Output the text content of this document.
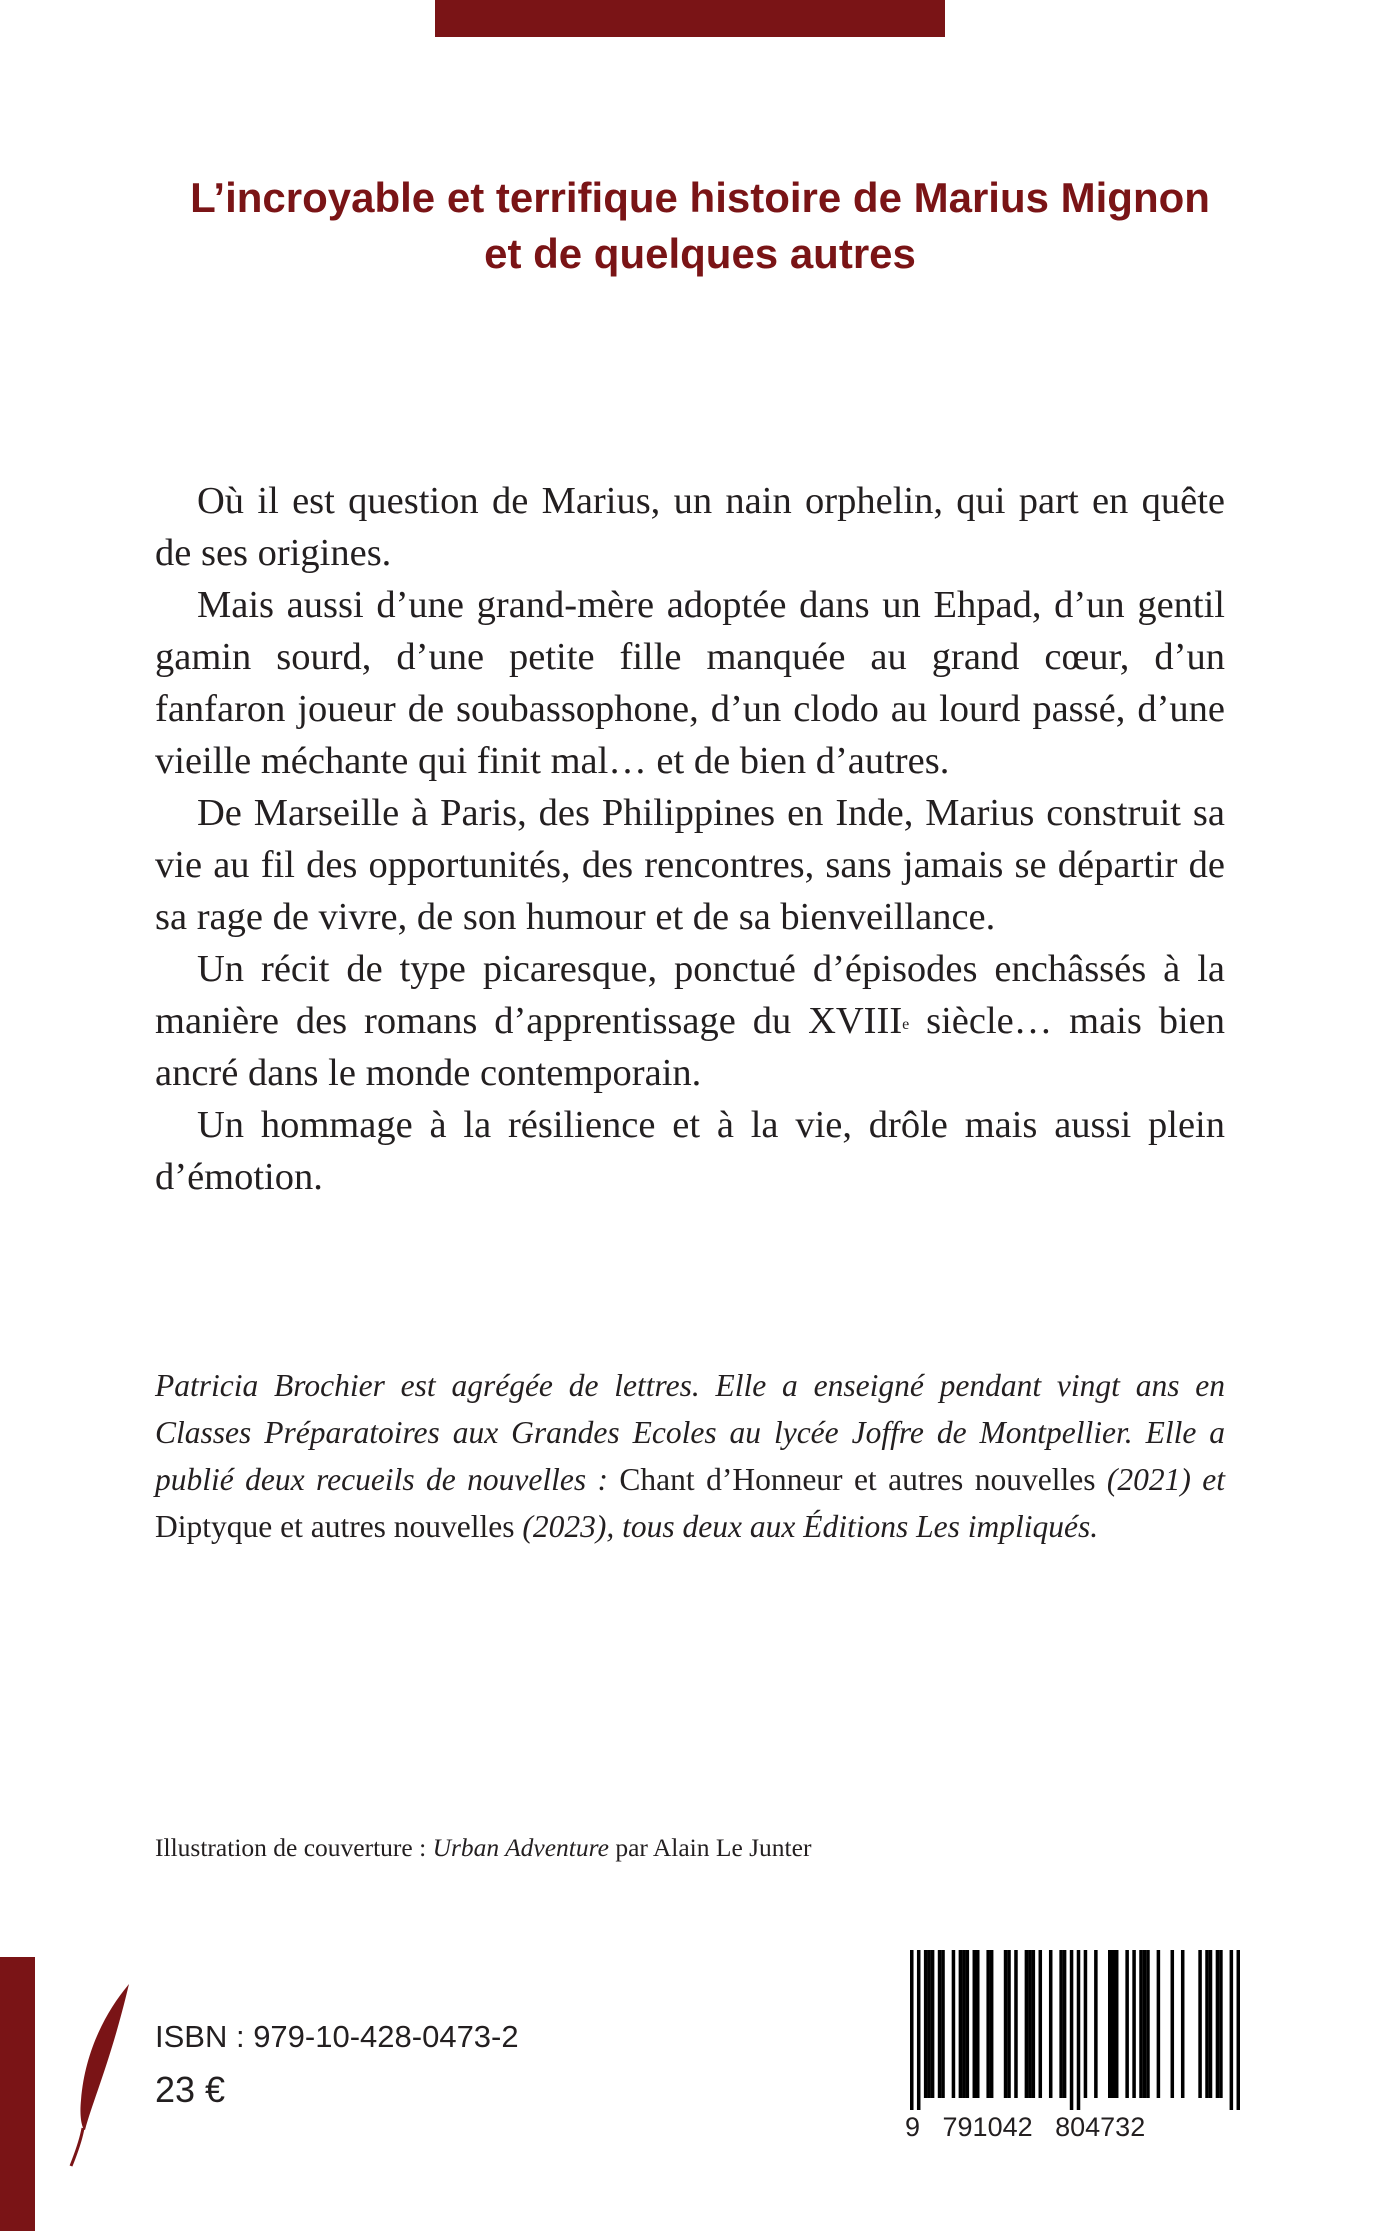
L’incroyable et terrifique histoire de Marius Mignon
et de quelques autres

Où il est question de Marius, un nain orphelin, qui part en quête de ses origines.

Mais aussi d’une grand-mère adoptée dans un Ehpad, d’un gentil gamin sourd, d’une petite fille manquée au grand cœur, d’un fanfaron joueur de soubassophone, d’un clodo au lourd passé, d’une vieille méchante qui finit mal… et de bien d’autres.

De Marseille à Paris, des Philippines en Inde, Marius construit sa vie au fil des opportunités, des rencontres, sans jamais se départir de sa rage de vivre, de son humour et de sa bienveillance.

Un récit de type picaresque, ponctué d’épisodes enchâssés à la manière des romans d’apprentissage du XVIIIe siècle… mais bien ancré dans le monde contemporain.

Un hommage à la résilience et à la vie, drôle mais aussi plein d’émotion.

Patricia Brochier est agrégée de lettres. Elle a enseigné pendant vingt ans en Classes Préparatoires aux Grandes Ecoles au lycée Joffre de Montpellier. Elle a publié deux recueils de nouvelles : Chant d’Honneur et autres nouvelles (2021) et Diptyque et autres nouvelles (2023), tous deux aux Éditions Les impliqués.
Illustration de couverture : Urban Adventure par Alain Le Junter
ISBN : 979-10-428-0473-2
23 €
9   791042   804732
